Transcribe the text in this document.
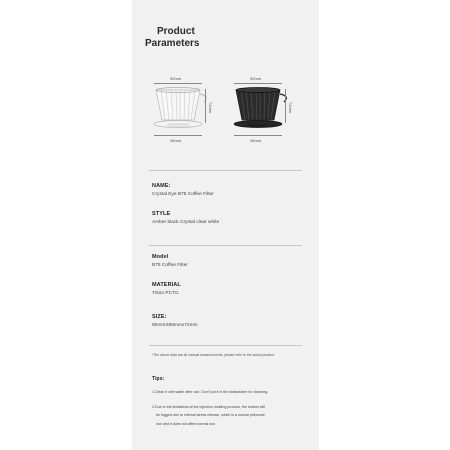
Product
Parameters
90mm
72mm
98mm
90mm
72mm
98mm
NAME:
Crystal Eye B75 Coffee Filter
STYLE
Amber black Crystal clear white
Model
B75 Coffee Filter
MATERIAL
Triton PCTG
SIZE:
90mmX98mmx72mm
*The above data are all manual measurements, please refer to the actual product
Tips:
1.Clean it with water after use. Don't put it in the dishwasher for cleaning.
2.Due to the limitations of the injection molding process, the bottom will
be fogged due to internal stress release, which is a normal phenome
non and it does not affect normal use.
